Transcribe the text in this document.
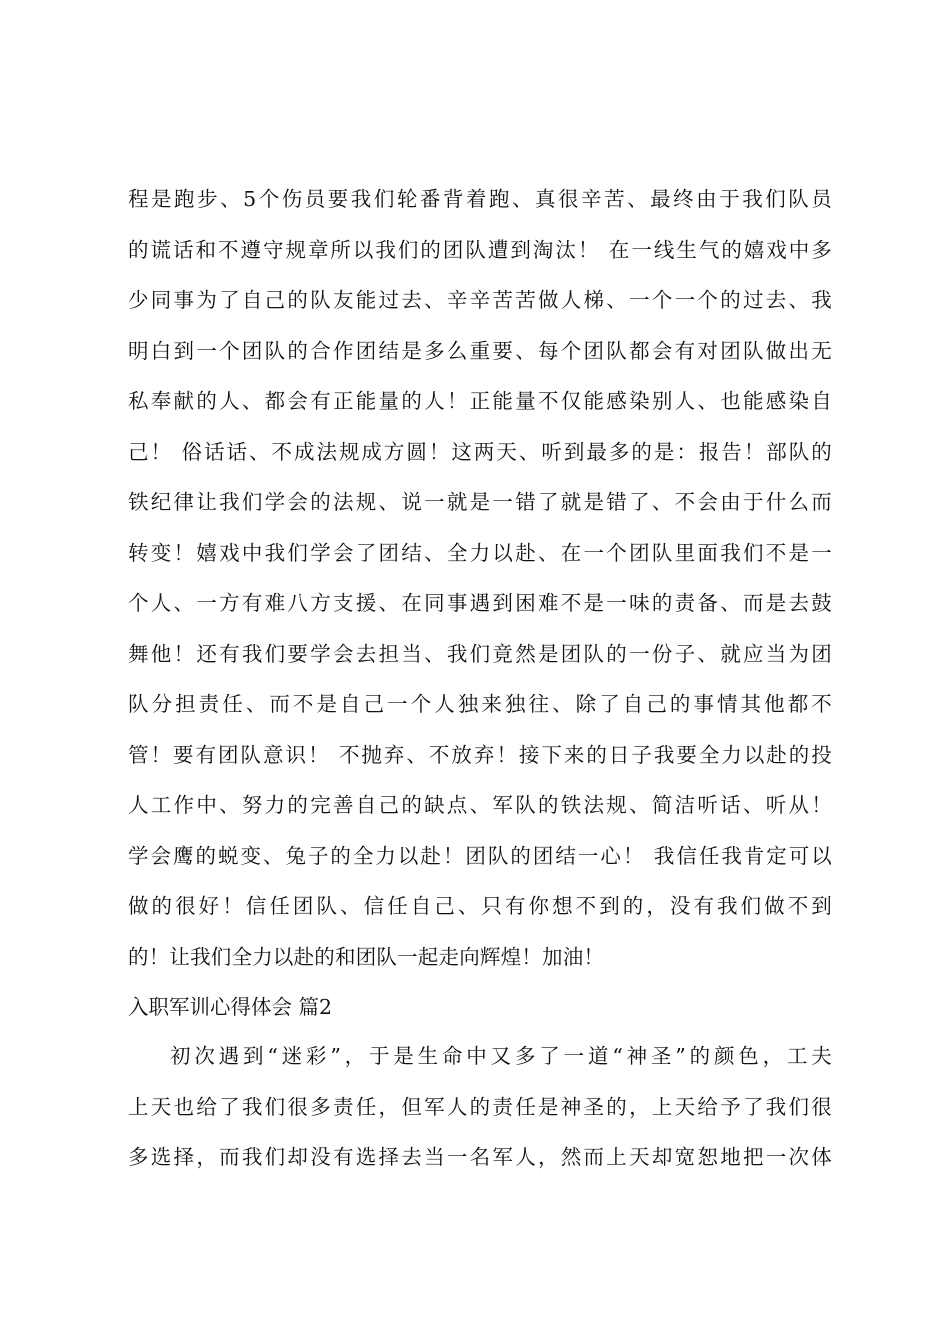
程是跑步、5个伤员要我们轮番背着跑、真很辛苦、最终由于我们队员
的谎话和不遵守规章所以我们的团队遭到淘汰！ 在一线生气的嬉戏中多
少同事为了自己的队友能过去、辛辛苦苦做人梯、一个一个的过去、我
明白到一个团队的合作团结是多么重要、每个团队都会有对团队做出无
私奉献的人、都会有正能量的人！正能量不仅能感染别人、也能感染自
己！ 俗话话、不成法规成方圆！这两天、听到最多的是：报告！部队的
铁纪律让我们学会的法规、说一就是一错了就是错了、不会由于什么而
转变！嬉戏中我们学会了团结、全力以赴、在一个团队里面我们不是一
个人、一方有难八方支援、在同事遇到困难不是一味的责备、而是去鼓
舞他！还有我们要学会去担当、我们竟然是团队的一份子、就应当为团
队分担责任、而不是自己一个人独来独往、除了自己的事情其他都不
管！要有团队意识！ 不抛弃、不放弃！接下来的日子我要全力以赴的投
人工作中、努力的完善自己的缺点、军队的铁法规、简洁听话、听从！
学会鹰的蜕变、兔子的全力以赴！团队的团结一心！ 我信任我肯定可以
做的很好！信任团队、信任自己、只有你想不到的，没有我们做不到
的！让我们全力以赴的和团队一起走向辉煌！加油！
入职军训心得体会 篇2
初次遇到“迷彩”，于是生命中又多了一道“神圣”的颜色，工夫
上天也给了我们很多责任，但军人的责任是神圣的，上天给予了我们很
多选择，而我们却没有选择去当一名军人，然而上天却宽恕地把一次体
